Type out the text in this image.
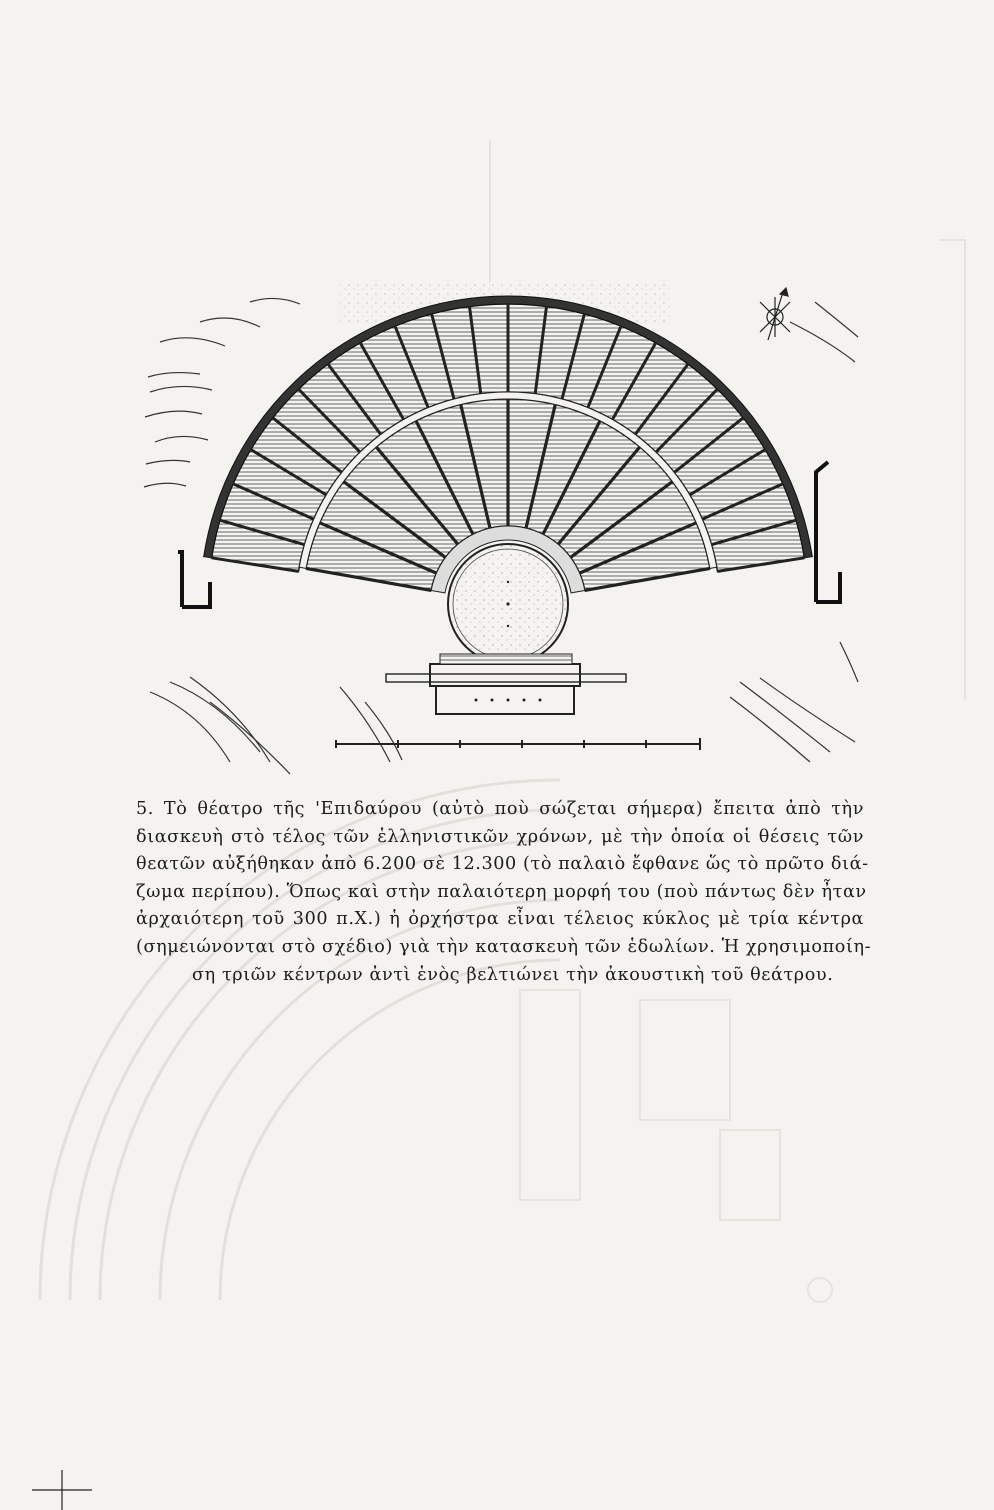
5. Τὸ θέατρο τῆς 'Επιδαύρου (αὐτὸ ποὺ σώζεται σήμερα) ἔπειτα ἀπὸ τὴν
διασκευὴ στὸ τέλος τῶν ἑλληνιστικῶν χρόνων, μὲ τὴν ὁποία οἱ θέσεις τῶν
θεατῶν αὐξήθηκαν ἀπὸ 6.200 σὲ 12.300 (τὸ παλαιὸ ἔφθανε ὥς τὸ πρῶτο διά-
ζωμα περίπου). Ὅπως καὶ στὴν παλαιότερη μορφή του (ποὺ πάντως δὲν ἦταν
ἀρχαιότερη τοῦ 300 π.Χ.) ἡ ὀρχήστρα εἶναι τέλειος κύκλος μὲ τρία κέντρα
(σημειώνονται στὸ σχέδιο) γιὰ τὴν κατασκευὴ τῶν ἑδωλίων. Ἡ χρησιμοποίη-
ση τριῶν κέντρων ἀντὶ ἑνὸς βελτιώνει τὴν ἀκουστικὴ τοῦ θεάτρου.
